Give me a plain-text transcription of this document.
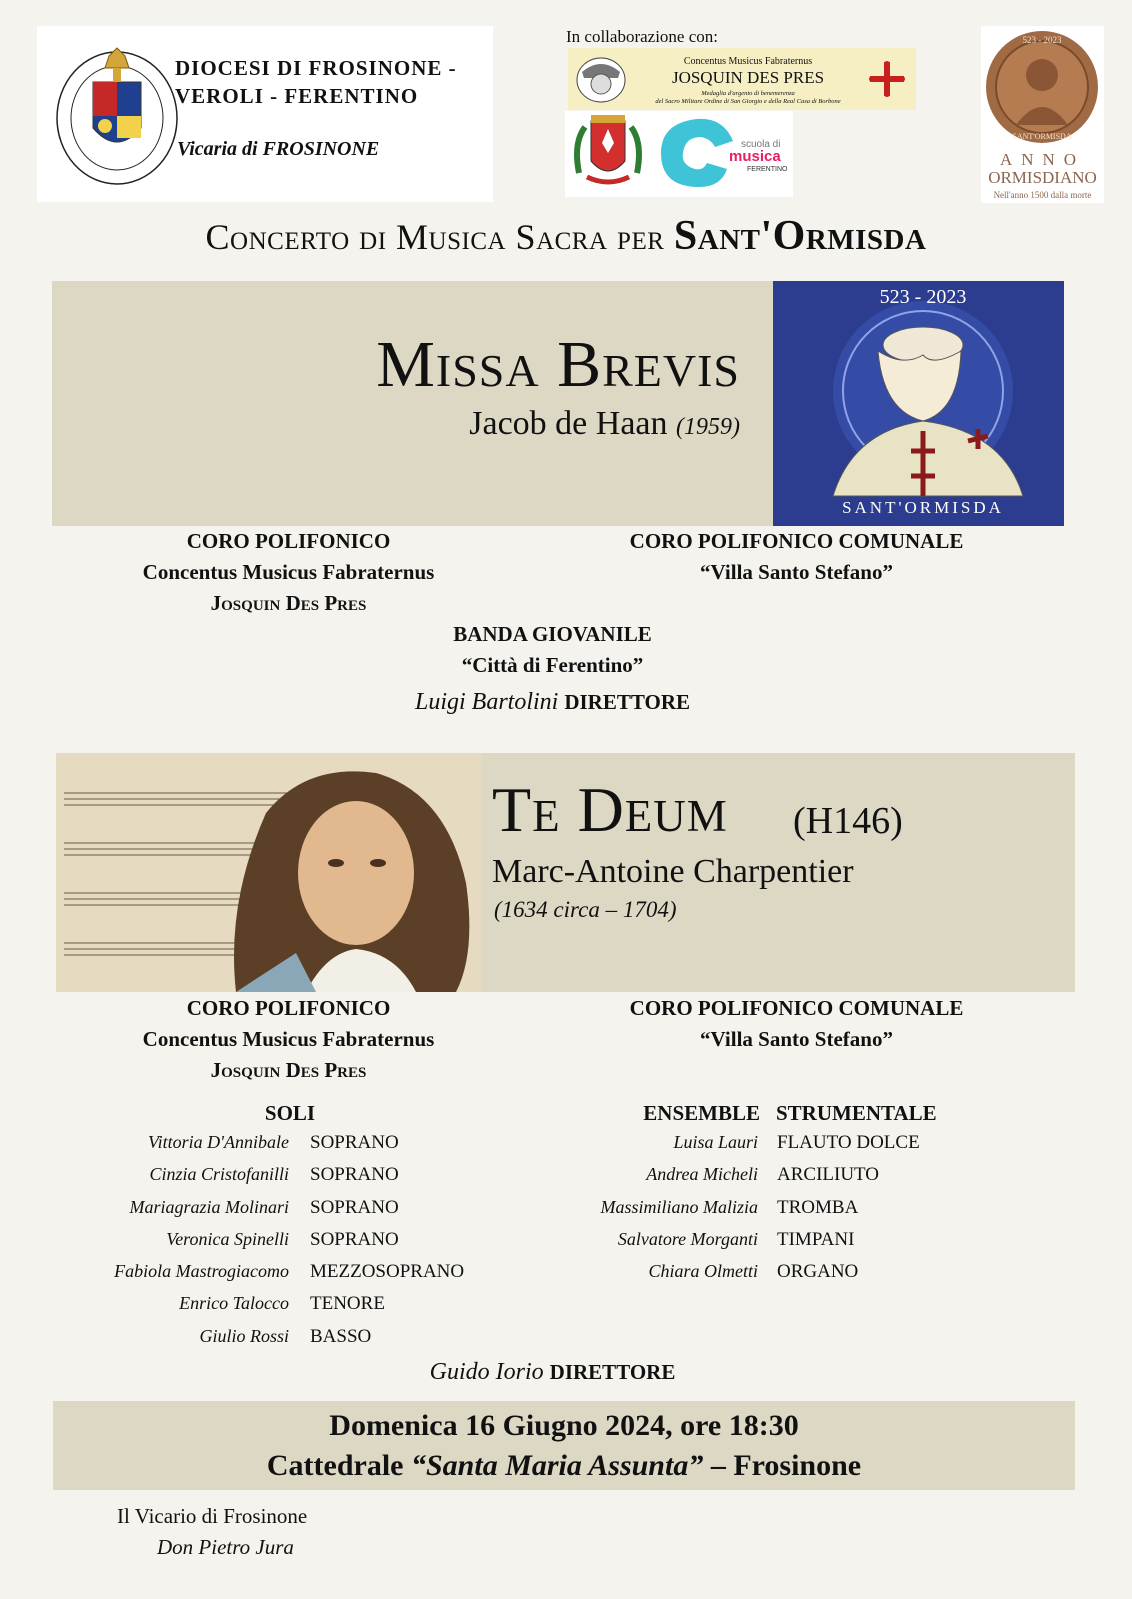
DIOCESI DI FROSINONE -
VEROLI - FERENTINO
Vicaria di FROSINONE
In collaborazione con:
Concentus Musicus Fabraternus
JOSQUIN DES PRES
Medaglia d'argento di benemerenza
del Sacro Militare Ordine di San Giorgio e della Real Casa di Borbone
scuola di
musica
FERENTINO
523 - 2023
SANT'ORMISDA
ANNO
ORMISDIANO
Nell'anno 1500 dalla morte
Concerto di Musica Sacra per Sant'Ormisda
Missa Brevis
Jacob de Haan (1959)
523 - 2023
SANT'ORMISDA
CORO POLIFONICO
Concentus Musicus Fabraternus
Josquin Des Pres
CORO POLIFONICO COMUNALE
“Villa Santo Stefano”
BANDA GIOVANILE
“Città di Ferentino”
Luigi Bartolini DIRETTORE
Te Deum (H146)
Marc-Antoine Charpentier
(1634 circa – 1704)
CORO POLIFONICO
Concentus Musicus Fabraternus
Josquin Des Pres
CORO POLIFONICO COMUNALE
“Villa Santo Stefano”
SOLI
Vittoria D'Annibale SOPRANO
Cinzia Cristofanilli SOPRANO
Mariagrazia Molinari SOPRANO
Veronica Spinelli SOPRANO
Fabiola Mastrogiacomo MEZZOSOPRANO
Enrico Talocco TENORE
Giulio Rossi BASSO
ENSEMBLE STRUMENTALE
Luisa Lauri FLAUTO DOLCE
Andrea Micheli ARCILIUTO
Massimiliano Malizia TROMBA
Salvatore Morganti TIMPANI
Chiara Olmetti ORGANO
Guido Iorio DIRETTORE
Domenica 16 Giugno 2024, ore 18:30
Cattedrale “Santa Maria Assunta” – Frosinone
Il Vicario di Frosinone
Don Pietro Jura
